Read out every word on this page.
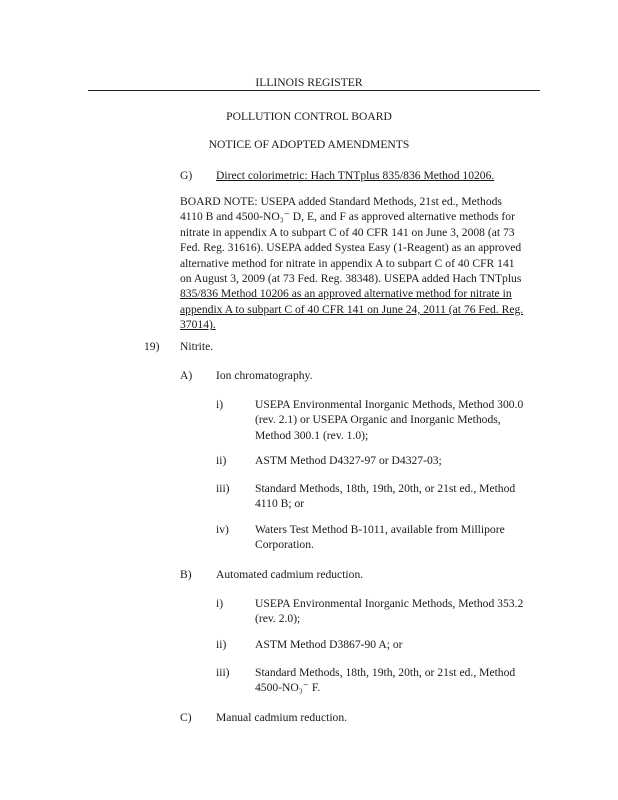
ILLINOIS REGISTER
POLLUTION CONTROL BOARD
NOTICE OF ADOPTED AMENDMENTS
G) Direct colorimetric: Hach TNTplus 835/836 Method 10206.
BOARD NOTE: USEPA added Standard Methods, 21st ed., Methods
4110 B and 4500-NO₃⁻ D, E, and F as approved alternative methods for
nitrate in appendix A to subpart C of 40 CFR 141 on June 3, 2008 (at 73
Fed. Reg. 31616). USEPA added Systea Easy (1-Reagent) as an approved
alternative method for nitrate in appendix A to subpart C of 40 CFR 141
on August 3, 2009 (at 73 Fed. Reg. 38348). USEPA added Hach TNTplus
835/836 Method 10206 as an approved alternative method for nitrate in
appendix A to subpart C of 40 CFR 141 on June 24, 2011 (at 76 Fed. Reg.
37014).
19) Nitrite.
A) Ion chromatography.
i)	USEPA Environmental Inorganic Methods, Method 300.0
(rev. 2.1) or USEPA Organic and Inorganic Methods,
Method 300.1 (rev. 1.0);
ii) ASTM Method D4327-97 or D4327-03;
iii) Standard Methods, 18th, 19th, 20th, or 21st ed., Method
4110 B; or
iv) Waters Test Method B-1011, available from Millipore
Corporation.
B) Automated cadmium reduction.
i)	USEPA Environmental Inorganic Methods, Method 353.2
(rev. 2.0);
ii) ASTM Method D3867-90 A; or
iii) Standard Methods, 18th, 19th, 20th, or 21st ed., Method
4500-NO₃⁻ F.
C) Manual cadmium reduction.
